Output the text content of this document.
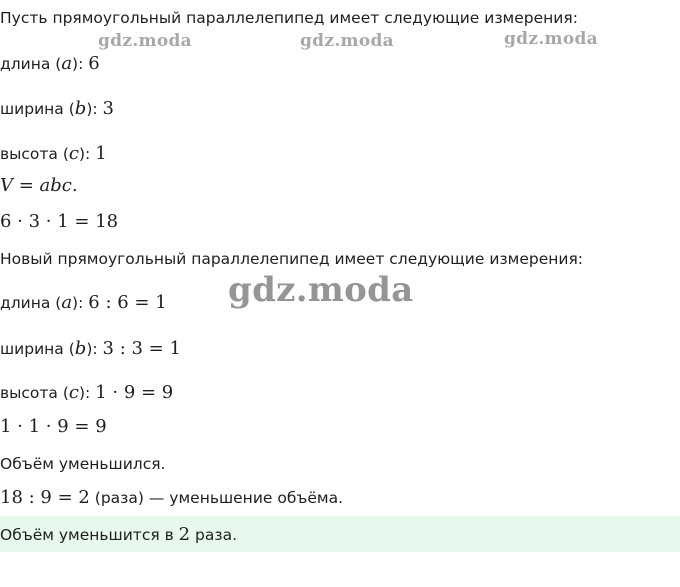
gdz.moda	gdz.moda	gdz.moda
gdz.moda
Пусть прямоугольный параллелепипед имеет следующие измерения:
длина (a): 6
ширина (b): 3
высота (c): 1
V = abc.
6 · 3 · 1 = 18
Новый прямоугольный параллелепипед имеет следующие измерения:
длина (a): 6 : 6 = 1
ширина (b): 3 : 3 = 1
высота (c): 1 · 9 = 9
1 · 1 · 9 = 9
Объём уменьшился.
18 : 9 = 2 (раза) — уменьшение объёма.
Объём уменьшится в 2 раза.
